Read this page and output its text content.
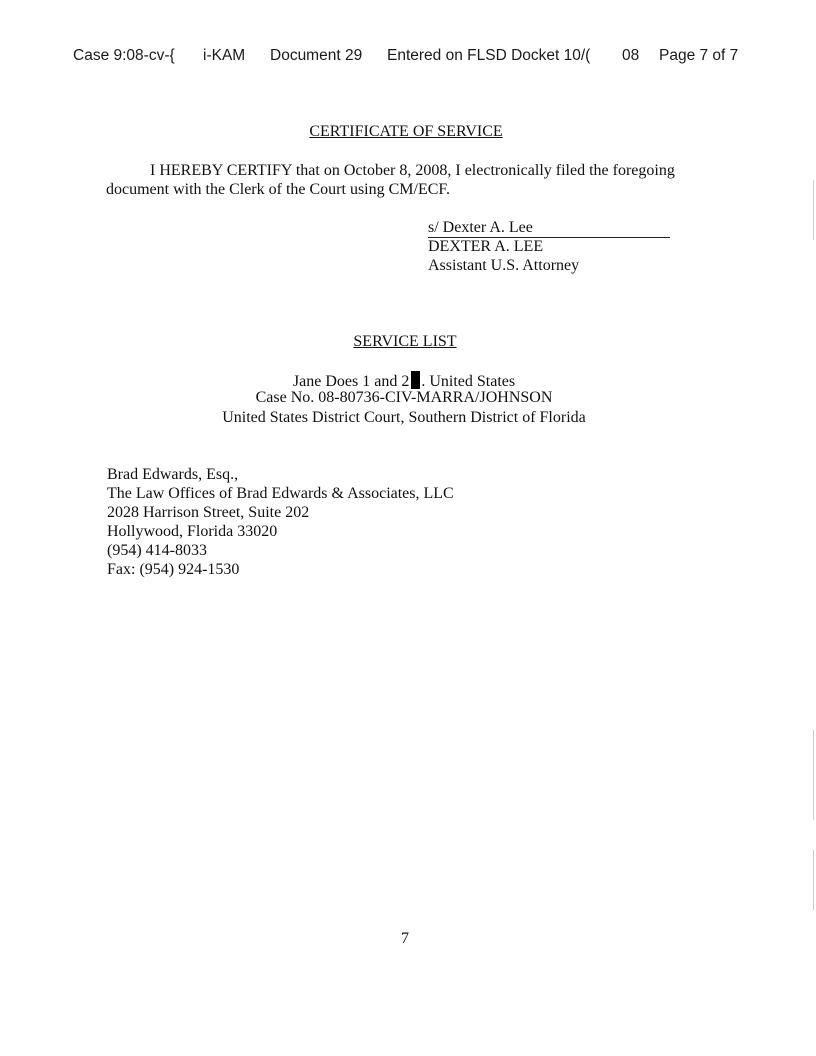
Case 9:08-cv-{ i-KAM Document 29 Entered on FLSD Docket 10/( 08 Page 7 of 7
CERTIFICATE OF SERVICE
I HEREBY CERTIFY that on October 8, 2008, I electronically filed the foregoing
document with the Clerk of the Court using CM/ECF.
s/ Dexter A. Lee
DEXTER A. LEE
Assistant U.S. Attorney
SERVICE LIST
Jane Does 1 and 2 . United States
Case No. 08-80736-CIV-MARRA/JOHNSON
United States District Court, Southern District of Florida
Brad Edwards, Esq.,
The Law Offices of Brad Edwards & Associates, LLC
2028 Harrison Street, Suite 202
Hollywood, Florida 33020
(954) 414-8033
Fax: (954) 924-1530
7
